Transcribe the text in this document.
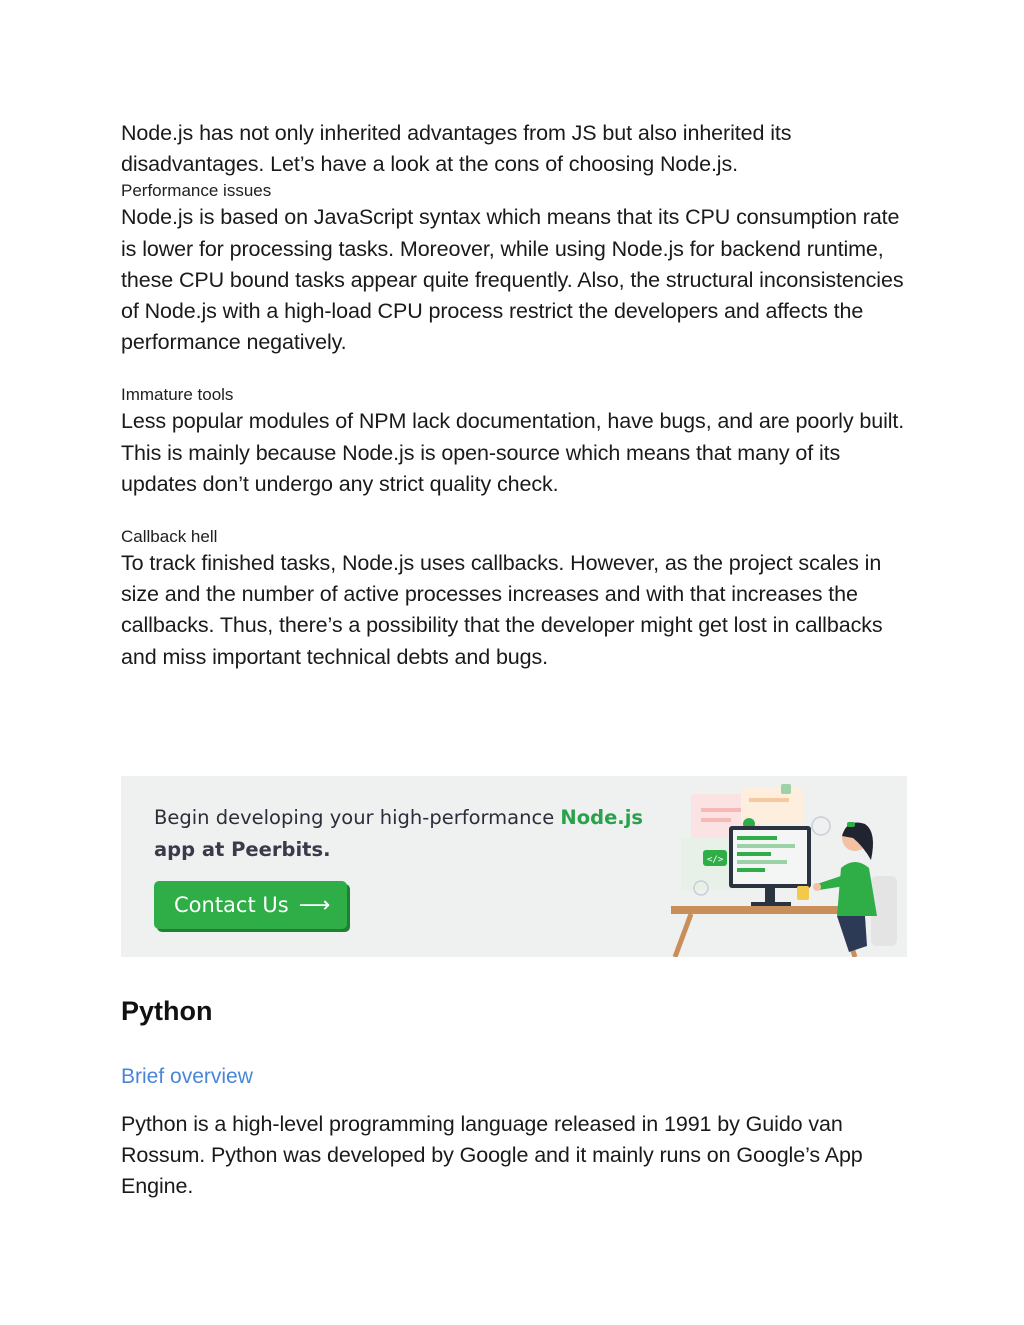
Node.js has not only inherited advantages from JS but also inherited its disadvantages. Let’s have a look at the cons of choosing Node.js.

Performance issues

Node.js is based on JavaScript syntax which means that its CPU consumption rate is lower for processing tasks. Moreover, while using Node.js for backend runtime, these CPU bound tasks appear quite frequently. Also, the structural inconsistencies of Node.js with a high-load CPU process restrict the developers and affects the performance negatively.

Immature tools

Less popular modules of NPM lack documentation, have bugs, and are poorly built. This is mainly because Node.js is open-source which means that many of its updates don’t undergo any strict quality check.

Callback hell

To track finished tasks, Node.js uses callbacks. However, as the project scales in size and the number of active processes increases and with that increases the callbacks. Thus, there’s a possibility that the developer might get lost in callbacks and miss important technical debts and bugs.

Begin developing your high-performance Node.js
app at Peerbits.
Contact Us ⟶
</>
Python
Brief overview

Python is a high-level programming language released in 1991 by Guido van Rossum. Python was developed by Google and it mainly runs on Google’s App Engine.
